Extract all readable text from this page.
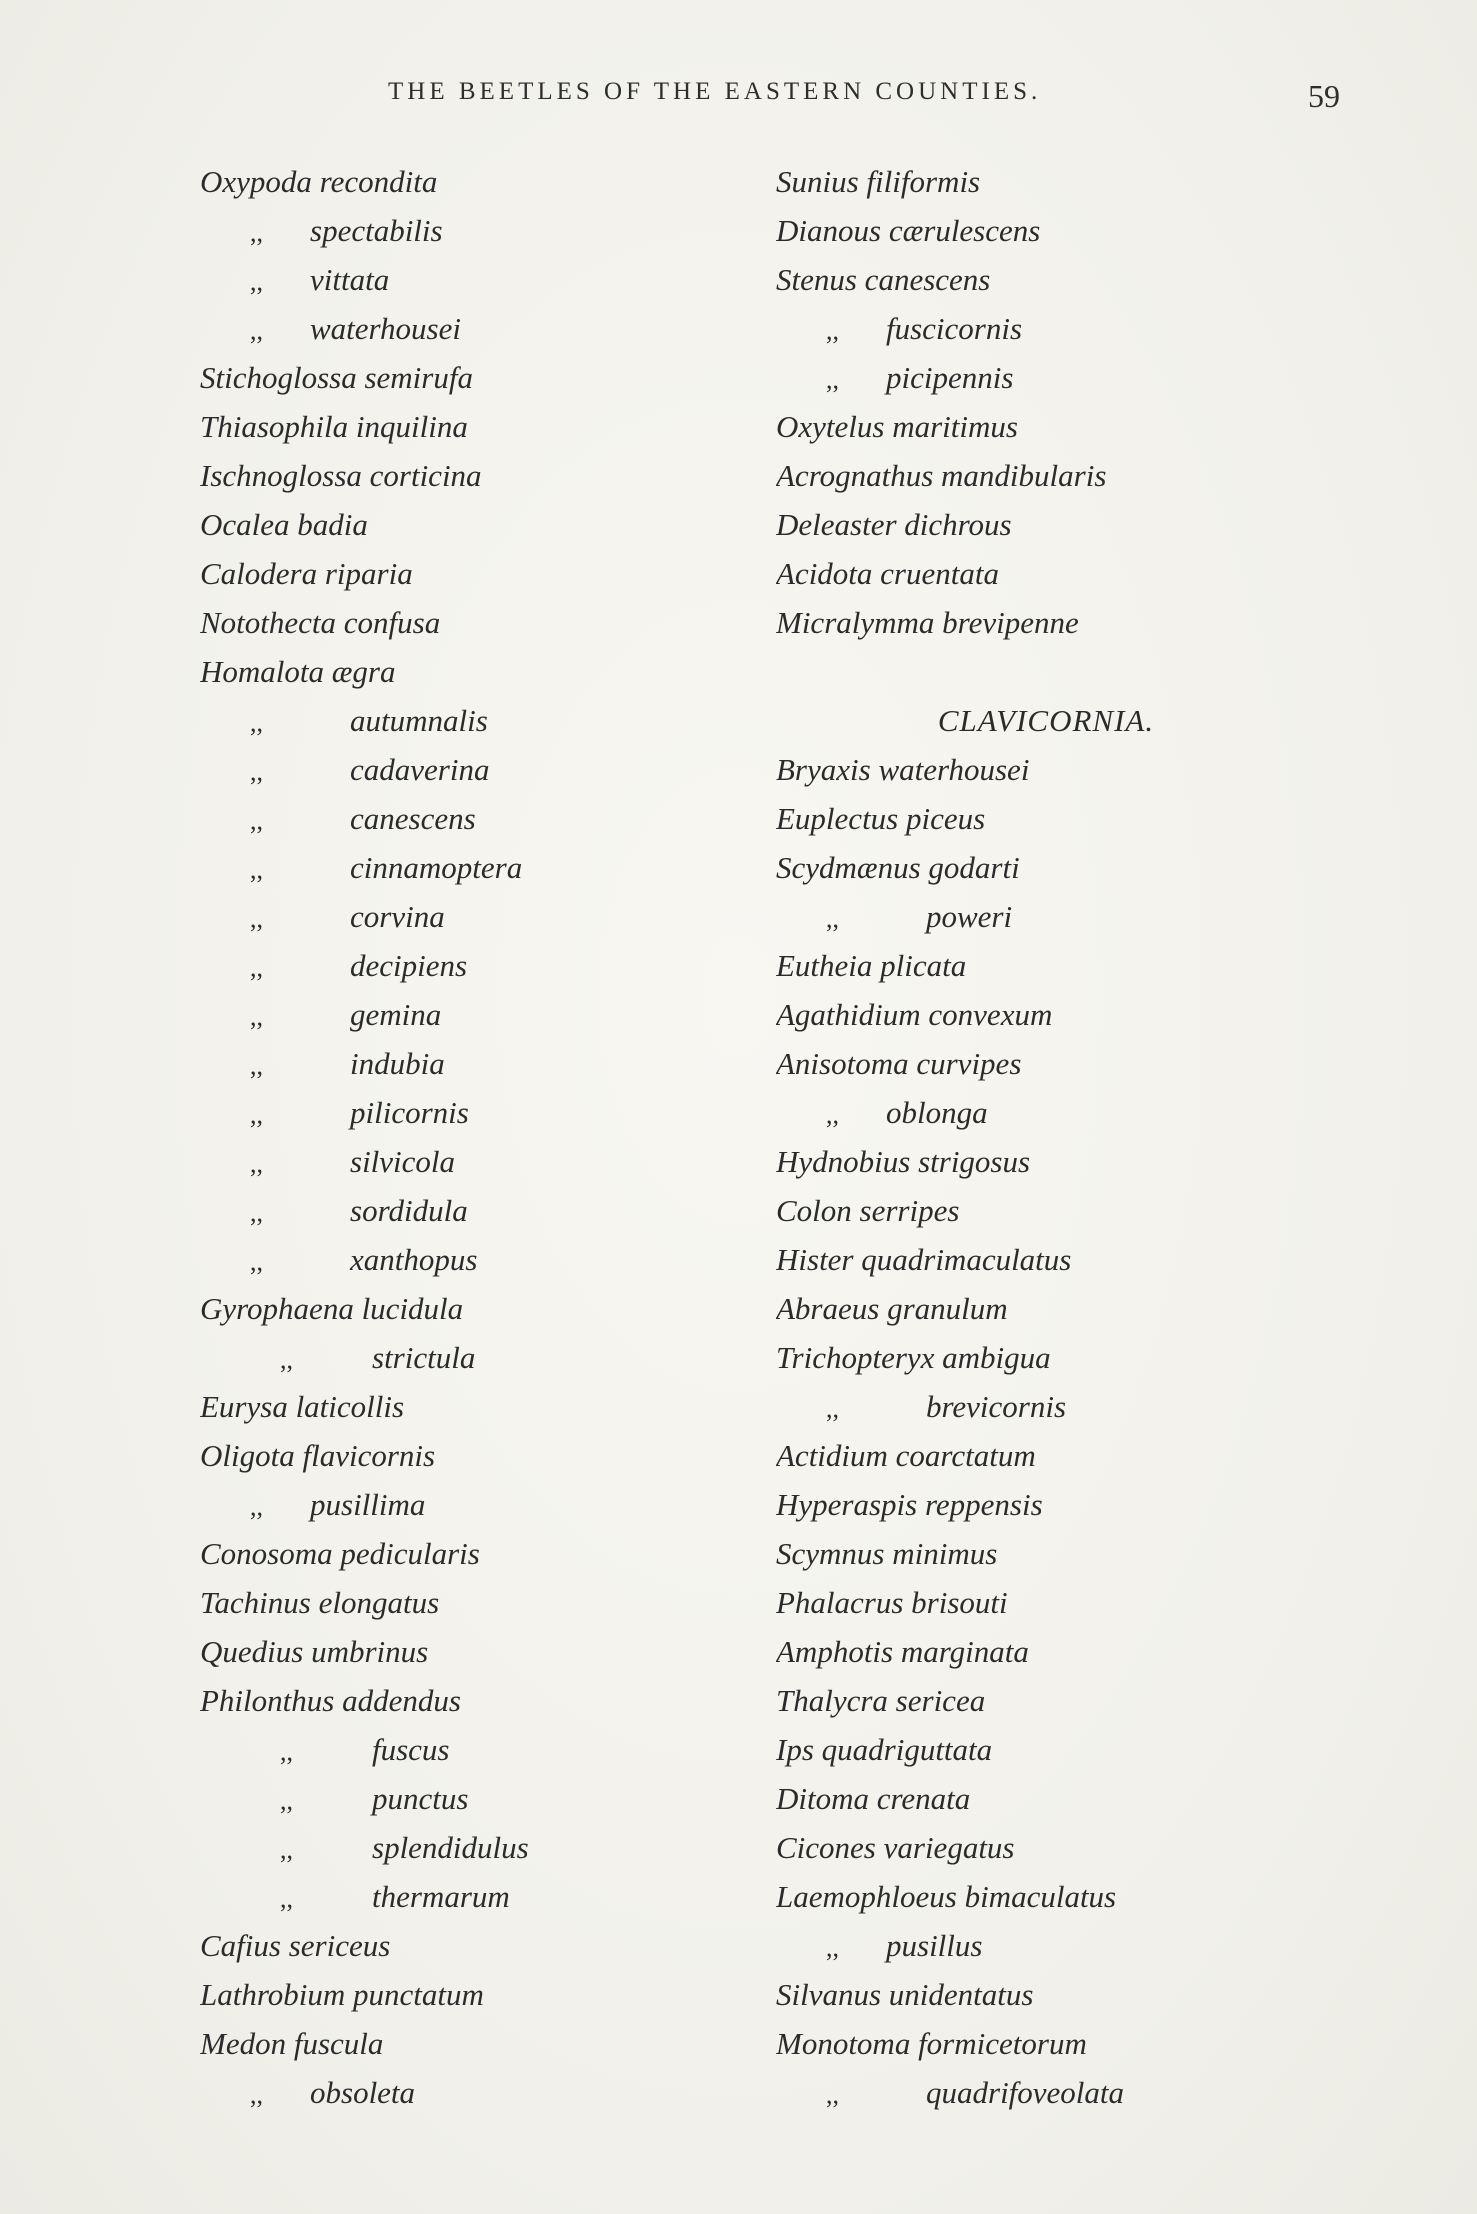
THE BEETLES OF THE EASTERN COUNTIES.	59
Oxypoda recondita
,, spectabilis
,, vittata
,, waterhousei
Stichoglossa semirufa
Thiasophila inquilina
Ischnoglossa corticina
Ocalea badia
Calodera riparia
Notothecta confusa
Homalota ægra
,,	autumnalis
,,	cadaverina
,,	canescens
,,	cinnamoptera
,,	corvina
,,	decipiens
,,	gemina
,,	indubia
,,	pilicornis
,,	silvicola
,,	sordidula
,,	xanthopus
Gyrophaena lucidula
,,	strictula
Eurysa laticollis
Oligota flavicornis
,, pusillima
Conosoma pedicularis
Tachinus elongatus
Quedius umbrinus
Philonthus addendus
,,	fuscus
,,	punctus
,,	splendidulus
,,	thermarum
Cafius sericeus
Lathrobium punctatum
Medon fuscula
,, obsoleta
Sunius filiformis
Dianous cærulescens
Stenus canescens
,, fuscicornis
,, picipennis
Oxytelus maritimus
Acrognathus mandibularis
Deleaster dichrous
Acidota cruentata
Micralymma brevipenne
CLAVICORNIA.
Bryaxis waterhousei
Euplectus piceus
Scydmænus godarti
,,	poweri
Eutheia plicata
Agathidium convexum
Anisotoma curvipes
,, oblonga
Hydnobius strigosus
Colon serripes
Hister quadrimaculatus
Abraeus granulum
Trichopteryx ambigua
,,	brevicornis
Actidium coarctatum
Hyperaspis reppensis
Scymnus minimus
Phalacrus brisouti
Amphotis marginata
Thalycra sericea
Ips quadriguttata
Ditoma crenata
Cicones variegatus
Laemophloeus bimaculatus
,, pusillus
Silvanus unidentatus
Monotoma formicetorum
,,	quadrifoveolata
